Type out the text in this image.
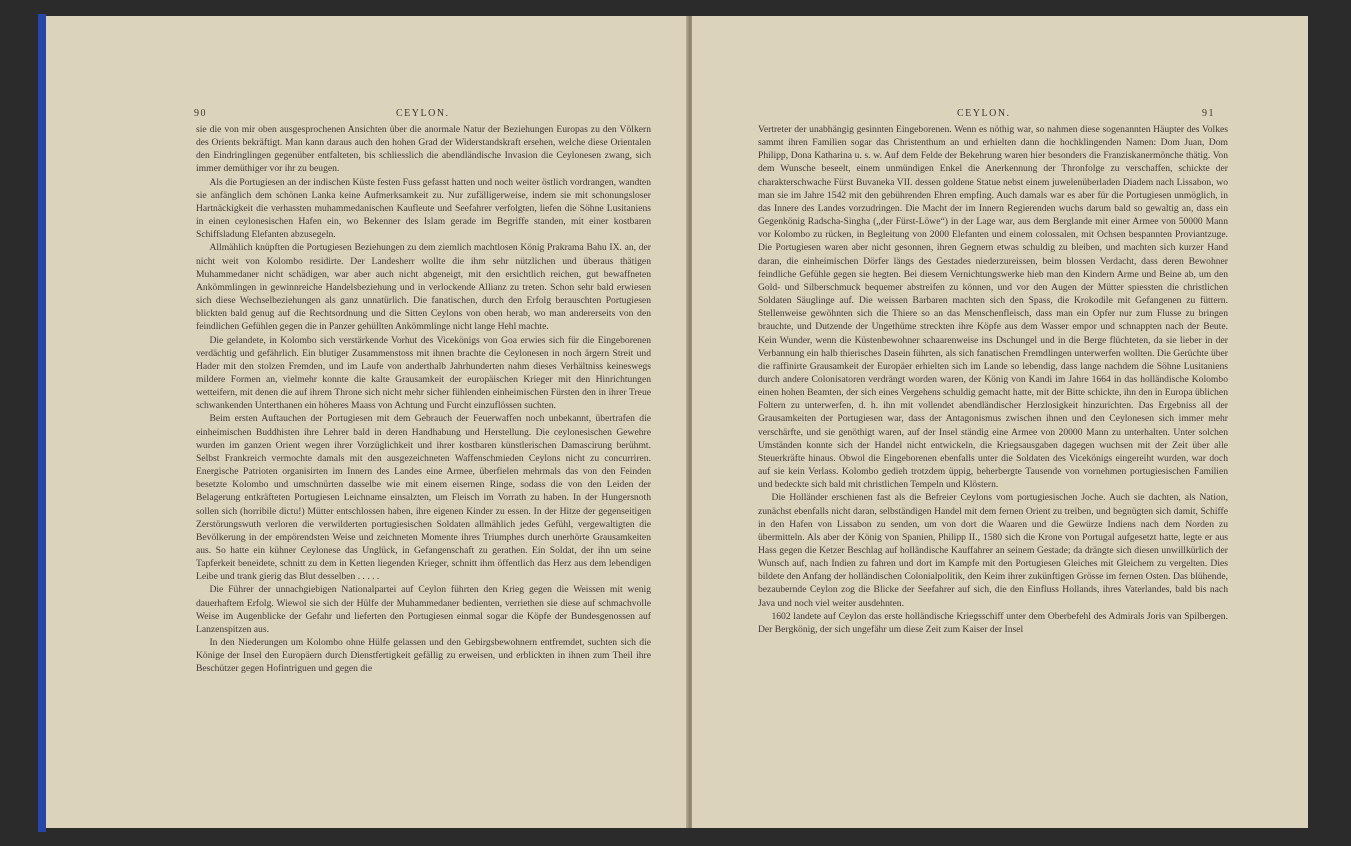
90	CEYLON.

sie die von mir oben ausgesprochenen Ansichten über die anormale Natur der Beziehungen Europas zu den Völkern des Orients bekräftigt. Man kann daraus auch den hohen Grad der Widerstandskraft ersehen, welche diese Orientalen den Eindringlingen gegenüber entfalteten, bis schliesslich die abendländische Invasion die Ceylonesen zwang, sich immer demüthiger vor ihr zu beugen.

Als die Portugiesen an der indischen Küste festen Fuss gefasst hatten und noch weiter östlich vordrangen, wandten sie anfänglich dem schönen Lanka keine Aufmerksamkeit zu. Nur zufälligerweise, indem sie mit schonungsloser Hartnäckigkeit die verhassten muhammedanischen Kaufleute und Seefahrer verfolgten, liefen die Söhne Lusitaniens in einen ceylonesischen Hafen ein, wo Bekenner des Islam gerade im Begriffe standen, mit einer kostbaren Schiffsladung Elefanten abzusegeln.

Allmählich knüpften die Portugiesen Beziehungen zu dem ziemlich machtlosen König Prakrama Bahu IX. an, der nicht weit von Kolombo residirte. Der Landesherr wollte die ihm sehr nützlichen und überaus thätigen Muhammedaner nicht schädigen, war aber auch nicht abgeneigt, mit den ersichtlich reichen, gut bewaffneten Ankömmlingen in gewinnreiche Handelsbeziehung und in verlockende Allianz zu treten. Schon sehr bald erwiesen sich diese Wechselbeziehungen als ganz unnatürlich. Die fanatischen, durch den Erfolg berauschten Portugiesen blickten bald genug auf die Rechtsordnung und die Sitten Ceylons von oben herab, wo man andererseits von den feindlichen Gefühlen gegen die in Panzer gehüllten Ankömmlinge nicht lange Hehl machte.

Die gelandete, in Kolombo sich verstärkende Vorhut des Vicekönigs von Goa erwies sich für die Eingeborenen verdächtig und gefährlich. Ein blutiger Zusammenstoss mit ihnen brachte die Ceylonesen in noch ärgern Streit und Hader mit den stolzen Fremden, und im Laufe von anderthalb Jahrhunderten nahm dieses Verhältniss keineswegs mildere Formen an, vielmehr konnte die kalte Grausamkeit der europäischen Krieger mit den Hinrichtungen wetteifern, mit denen die auf ihrem Throne sich nicht mehr sicher fühlenden einheimischen Fürsten den in ihrer Treue schwankenden Unterthanen ein höheres Maass von Achtung und Furcht einzuflössen suchten.

Beim ersten Auftauchen der Portugiesen mit dem Gebrauch der Feuerwaffen noch unbekannt, übertrafen die einheimischen Buddhisten ihre Lehrer bald in deren Handhabung und Herstellung. Die ceylonesischen Gewehre wurden im ganzen Orient wegen ihrer Vorzüglichkeit und ihrer kostbaren künstlerischen Damascirung berühmt. Selbst Frankreich vermochte damals mit den ausgezeichneten Waffenschmieden Ceylons nicht zu concurriren. Energische Patrioten organisirten im Innern des Landes eine Armee, überfielen mehrmals das von den Feinden besetzte Kolombo und umschnürten dasselbe wie mit einem eisernen Ringe, sodass die von den Leiden der Belagerung entkräfteten Portugiesen Leichname einsalzten, um Fleisch im Vorrath zu haben. In der Hungersnoth sollen sich (horribile dictu!) Mütter entschlossen haben, ihre eigenen Kinder zu essen. In der Hitze der gegenseitigen Zerstörungswuth verloren die verwilderten portugiesischen Soldaten allmählich jedes Gefühl, vergewaltigten die Bevölkerung in der empörendsten Weise und zeichneten Momente ihres Triumphes durch unerhörte Grausamkeiten aus. So hatte ein kühner Ceylonese das Unglück, in Gefangenschaft zu gerathen. Ein Soldat, der ihn um seine Tapferkeit beneidete, schnitt zu dem in Ketten liegenden Krieger, schnitt ihm öffentlich das Herz aus dem lebendigen Leibe und trank gierig das Blut desselben . . . . .

Die Führer der unnachgiebigen Nationalpartei auf Ceylon führten den Krieg gegen die Weissen mit wenig dauerhaftem Erfolg. Wiewol sie sich der Hülfe der Muhammedaner bedienten, verriethen sie diese auf schmachvolle Weise im Augenblicke der Gefahr und lieferten den Portugiesen einmal sogar die Köpfe der Bundesgenossen auf Lanzenspitzen aus.

In den Niederungen um Kolombo ohne Hülfe gelassen und den Gebirgsbewohnern entfremdet, suchten sich die Könige der Insel den Europäern durch Dienstfertigkeit gefällig zu erweisen, und erblickten in ihnen zum Theil ihre Beschützer gegen Hofintriguen und gegen die

CEYLON.	91

Vertreter der unabhängig gesinnten Eingeborenen. Wenn es nöthig war, so nahmen diese sogenannten Häupter des Volkes sammt ihren Familien sogar das Christenthum an und erhielten dann die hochklingenden Namen: Dom Juan, Dom Philipp, Dona Katharina u. s. w. Auf dem Felde der Bekehrung waren hier besonders die Franziskanermönche thätig. Von dem Wunsche beseelt, einem unmündigen Enkel die Anerkennung der Thronfolge zu verschaffen, schickte der charakterschwache Fürst Buvaneka VII. dessen goldene Statue nebst einem juwelenüberladen Diadem nach Lissabon, wo man sie im Jahre 1542 mit den gebührenden Ehren empfing. Auch damals war es aber für die Portugiesen unmöglich, in das Innere des Landes vorzudringen. Die Macht der im Innern Regierenden wuchs darum bald so gewaltig an, dass ein Gegenkönig Radscha-Singha („der Fürst-Löwe“) in der Lage war, aus dem Berglande mit einer Armee von 50000 Mann vor Kolombo zu rücken, in Begleitung von 2000 Elefanten und einem colossalen, mit Ochsen bespannten Proviantzuge. Die Portugiesen waren aber nicht gesonnen, ihren Gegnern etwas schuldig zu bleiben, und machten sich kurzer Hand daran, die einheimischen Dörfer längs des Gestades niederzureissen, beim blossen Verdacht, dass deren Bewohner feindliche Gefühle gegen sie hegten. Bei diesem Vernichtungswerke hieb man den Kindern Arme und Beine ab, um den Gold- und Silberschmuck bequemer abstreifen zu können, und vor den Augen der Mütter spiessten die christlichen Soldaten Säuglinge auf. Die weissen Barbaren machten sich den Spass, die Krokodile mit Gefangenen zu füttern. Stellenweise gewöhnten sich die Thiere so an das Menschenfleisch, dass man ein Opfer nur zum Flusse zu bringen brauchte, und Dutzende der Ungethüme streckten ihre Köpfe aus dem Wasser empor und schnappten nach der Beute. Kein Wunder, wenn die Küstenbewohner schaarenweise ins Dschungel und in die Berge flüchteten, da sie lieber in der Verbannung ein halb thierisches Dasein führten, als sich fanatischen Fremdlingen unterwerfen wollten. Die Gerüchte über die raffinirte Grausamkeit der Europäer erhielten sich im Lande so lebendig, dass lange nachdem die Söhne Lusitaniens durch andere Colonisatoren verdrängt worden waren, der König von Kandi im Jahre 1664 in das holländische Kolombo einen hohen Beamten, der sich eines Vergehens schuldig gemacht hatte, mit der Bitte schickte, ihn den in Europa üblichen Foltern zu unterwerfen, d. h. ihn mit vollendet abendländischer Herzlosigkeit hinzurichten. Das Ergebniss all der Grausamkeiten der Portugiesen war, dass der Antagonismus zwischen ihnen und den Ceylonesen sich immer mehr verschärfte, und sie genöthigt waren, auf der Insel ständig eine Armee von 20000 Mann zu unterhalten. Unter solchen Umständen konnte sich der Handel nicht entwickeln, die Kriegsausgaben dagegen wuchsen mit der Zeit über alle Steuerkräfte hinaus. Obwol die Eingeborenen ebenfalls unter die Soldaten des Vicekönigs eingereiht wurden, war doch auf sie kein Verlass. Kolombo gedieh trotzdem üppig, beherbergte Tausende von vornehmen portugiesischen Familien und bedeckte sich bald mit christlichen Tempeln und Klöstern.

Die Holländer erschienen fast als die Befreier Ceylons vom portugiesischen Joche. Auch sie dachten, als Nation, zunächst ebenfalls nicht daran, selbständigen Handel mit dem fernen Orient zu treiben, und begnügten sich damit, Schiffe in den Hafen von Lissabon zu senden, um von dort die Waaren und die Gewürze Indiens nach dem Norden zu übermitteln. Als aber der König von Spanien, Philipp II., 1580 sich die Krone von Portugal aufgesetzt hatte, legte er aus Hass gegen die Ketzer Beschlag auf holländische Kauffahrer an seinem Gestade; da drängte sich diesen unwillkürlich der Wunsch auf, nach Indien zu fahren und dort im Kampfe mit den Portugiesen Gleiches mit Gleichem zu vergelten. Dies bildete den Anfang der holländischen Colonialpolitik, den Keim ihrer zukünftigen Grösse im fernen Osten. Das blühende, bezaubernde Ceylon zog die Blicke der Seefahrer auf sich, die den Einfluss Hollands, ihres Vaterlandes, bald bis nach Java und noch viel weiter ausdehnten.

1602 landete auf Ceylon das erste holländische Kriegsschiff unter dem Oberbefehl des Admirals Joris van Spilbergen. Der Bergkönig, der sich ungefähr um diese Zeit zum Kaiser der Insel
